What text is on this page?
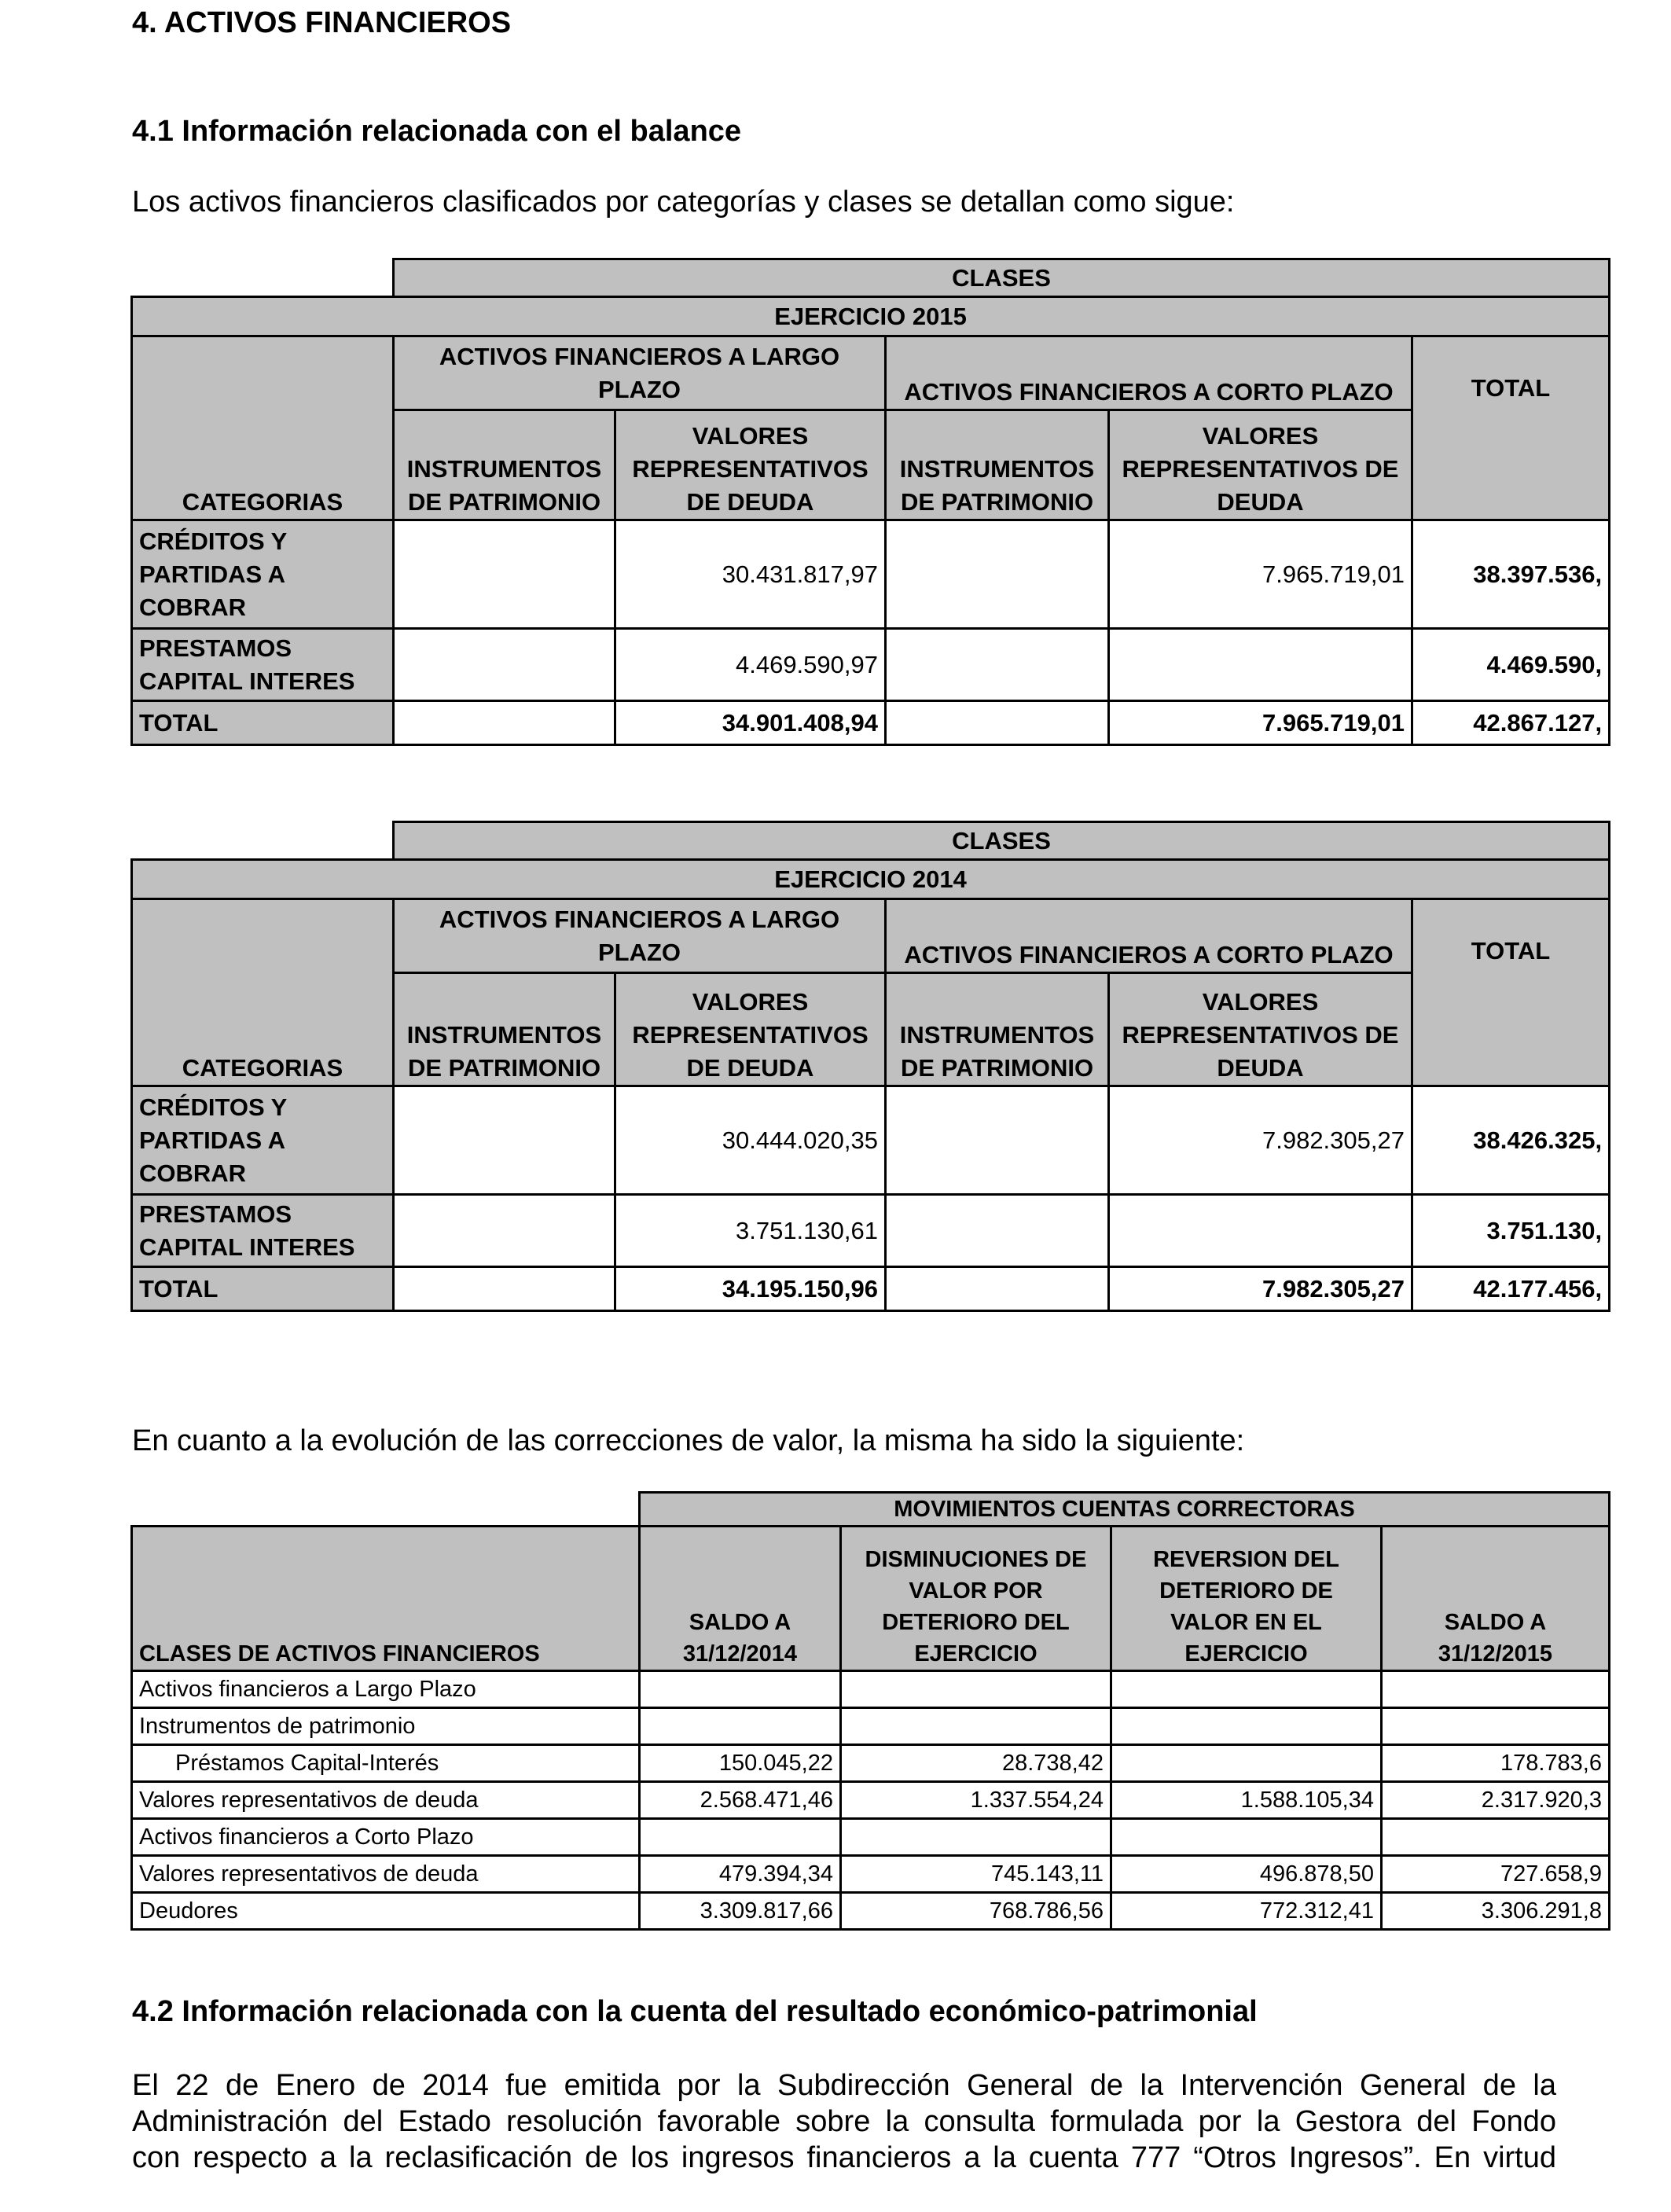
4. ACTIVOS FINANCIEROS
4.1 Información relacionada con el balance
Los activos financieros clasificados por categorías y clases se detallan como sigue:
	CLASES				
EJERCICIO 2015					
CATEGORIAS	ACTIVOS FINANCIEROS A LARGO PLAZO		ACTIVOS FINANCIEROS A CORTO PLAZO		TOTAL
	INSTRUMENTOS DE PATRIMONIO	VALORES REPRESENTATIVOS DE DEUDA	INSTRUMENTOS DE PATRIMONIO	VALORES REPRESENTATIVOS DE DEUDA	
CRÉDITOS Y PARTIDAS A COBRAR		30.431.817,97		7.965.719,01	38.397.536,
PRESTAMOS CAPITAL INTERES		4.469.590,97			4.469.590,
TOTAL		34.901.408,94		7.965.719,01	42.867.127,
	CLASES				
EJERCICIO 2014					
CATEGORIAS	ACTIVOS FINANCIEROS A LARGO PLAZO		ACTIVOS FINANCIEROS A CORTO PLAZO		TOTAL
	INSTRUMENTOS DE PATRIMONIO	VALORES REPRESENTATIVOS DE DEUDA	INSTRUMENTOS DE PATRIMONIO	VALORES REPRESENTATIVOS DE DEUDA	
CRÉDITOS Y PARTIDAS A COBRAR		30.444.020,35		7.982.305,27	38.426.325,
PRESTAMOS CAPITAL INTERES		3.751.130,61			3.751.130,
TOTAL		34.195.150,96		7.982.305,27	42.177.456,
En cuanto a la evolución de las correcciones de valor, la misma ha sido la siguiente:
	MOVIMIENTOS CUENTAS CORRECTORAS			
CLASES DE ACTIVOS FINANCIEROS	SALDO A 31/12/2014	DISMINUCIONES DE VALOR POR DETERIORO DEL EJERCICIO	REVERSION DEL DETERIORO DE VALOR EN EL EJERCICIO	SALDO A 31/12/2015
Activos financieros a Largo Plazo				
Instrumentos de patrimonio				
Préstamos Capital-Interés	150.045,22	28.738,42		178.783,6
Valores representativos de deuda	2.568.471,46	1.337.554,24	1.588.105,34	2.317.920,3
Activos financieros a Corto Plazo				
Valores representativos de deuda	479.394,34	745.143,11	496.878,50	727.658,9
Deudores	3.309.817,66	768.786,56	772.312,41	3.306.291,8
4.2 Información relacionada con la cuenta del resultado económico-patrimonial
El 22 de Enero de 2014 fue emitida por la Subdirección General de la Intervención General de la
Administración del Estado resolución favorable sobre la consulta formulada por la Gestora del Fondo
con respecto a la reclasificación de los ingresos financieros a la cuenta 777 “Otros Ingresos”. En virtud
